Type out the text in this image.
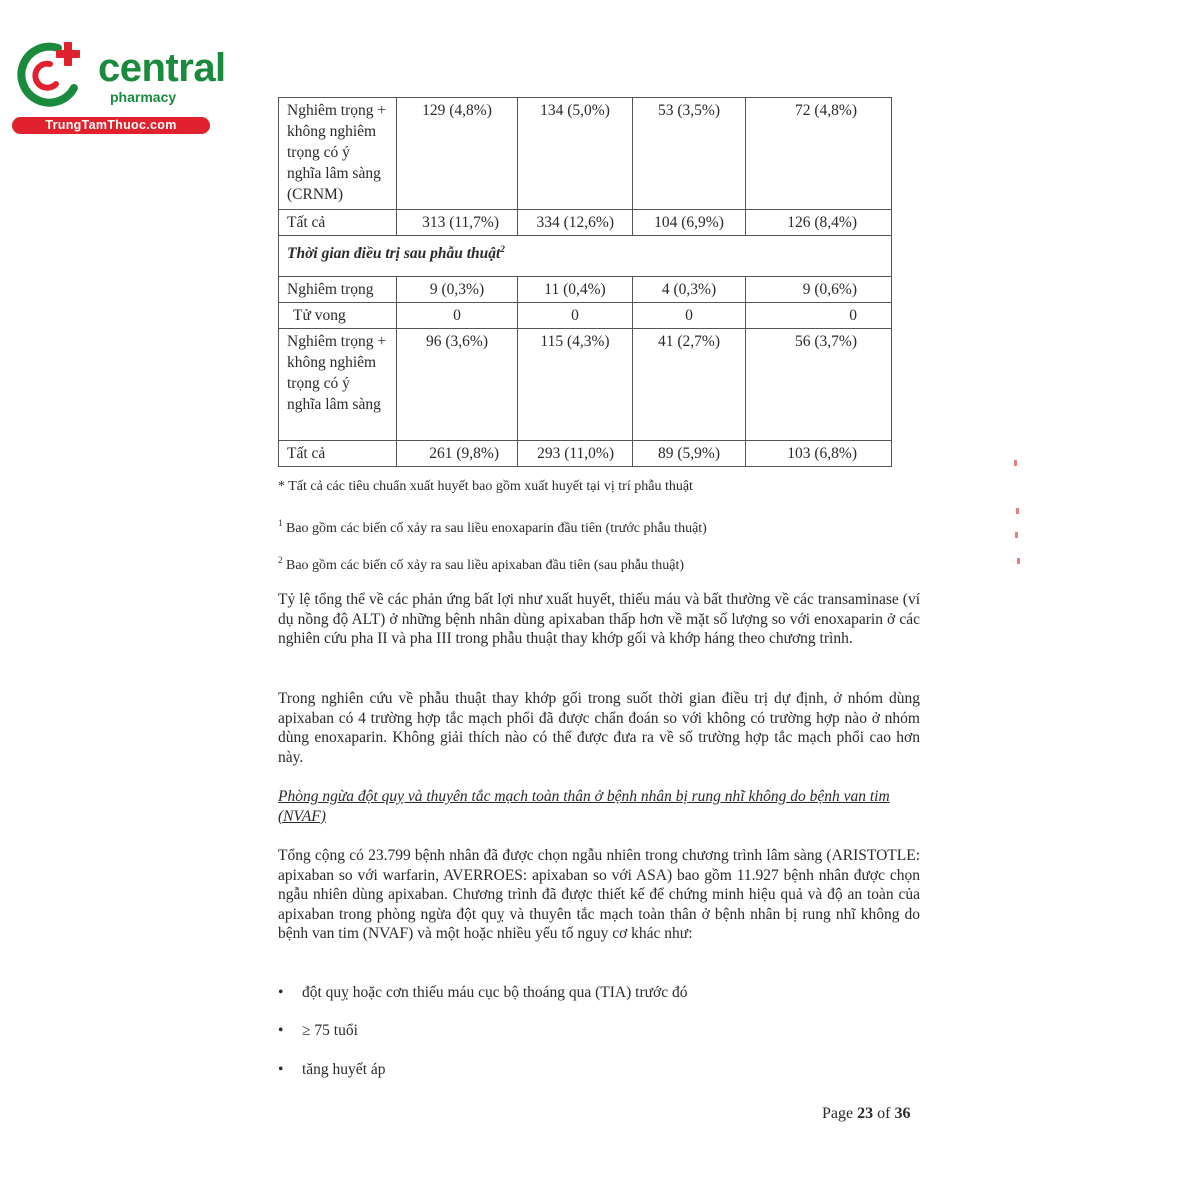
central
pharmacy
TrungTamThuoc.com
Nghiêm trọng + không nghiêm trọng có ý nghĩa lâm sàng (CRNM)	129 (4,8%)	134 (5,0%)	53 (3,5%)	72 (4,8%)
Tất cả	313 (11,7%)	334 (12,6%)	104 (6,9%)	126 (8,4%)
Thời gian điều trị sau phẫu thuật$^2$
Nghiêm trọng	9 (0,3%)	11 (0,4%)	4 (0,3%)	9 (0,6%)
Tử vong	0	0	0	0
Nghiêm trọng + không nghiêm trọng có ý nghĩa lâm sàng	96 (3,6%)	115 (4,3%)	41 (2,7%)	56 (3,7%)
Tất cả	261 (9,8%)	293 (11,0%)	89 (5,9%)	103 (6,8%)

* Tất cả các tiêu chuẩn xuất huyết bao gồm xuất huyết tại vị trí phẫu thuật

$^1$ Bao gồm các biến cố xảy ra sau liều enoxaparin đầu tiên (trước phẫu thuật)

$^2$ Bao gồm các biến cố xảy ra sau liều apixaban đầu tiên (sau phẫu thuật)

Tỷ lệ tổng thể về các phản ứng bất lợi như xuất huyết, thiếu máu và bất thường về các transaminase (ví dụ nồng độ ALT) ở những bệnh nhân dùng apixaban thấp hơn về mặt số lượng so với enoxaparin ở các nghiên cứu pha II và pha III trong phẫu thuật thay khớp gối và khớp háng theo chương trình.

Trong nghiên cứu về phẫu thuật thay khớp gối trong suốt thời gian điều trị dự định, ở nhóm dùng apixaban có 4 trường hợp tắc mạch phổi đã được chẩn đoán so với không có trường hợp nào ở nhóm dùng enoxaparin. Không giải thích nào có thể được đưa ra về số trường hợp tắc mạch phổi cao hơn này.

Phòng ngừa đột quỵ và thuyên tắc mạch toàn thân ở bệnh nhân bị rung nhĩ không do bệnh van tim (NVAF)

Tổng cộng có 23.799 bệnh nhân đã được chọn ngẫu nhiên trong chương trình lâm sàng (ARISTOTLE: apixaban so với warfarin, AVERROES: apixaban so với ASA) bao gồm 11.927 bệnh nhân được chọn ngẫu nhiên dùng apixaban. Chương trình đã được thiết kế để chứng minh hiệu quả và độ an toàn của apixaban trong phòng ngừa đột quỵ và thuyên tắc mạch toàn thân ở bệnh nhân bị rung nhĩ không do bệnh van tim (NVAF) và một hoặc nhiều yếu tố nguy cơ khác như:

• đột quỵ hoặc cơn thiếu máu cục bộ thoáng qua (TIA) trước đó
• ≥ 75 tuổi
• tăng huyết áp
Page 23 of 36
